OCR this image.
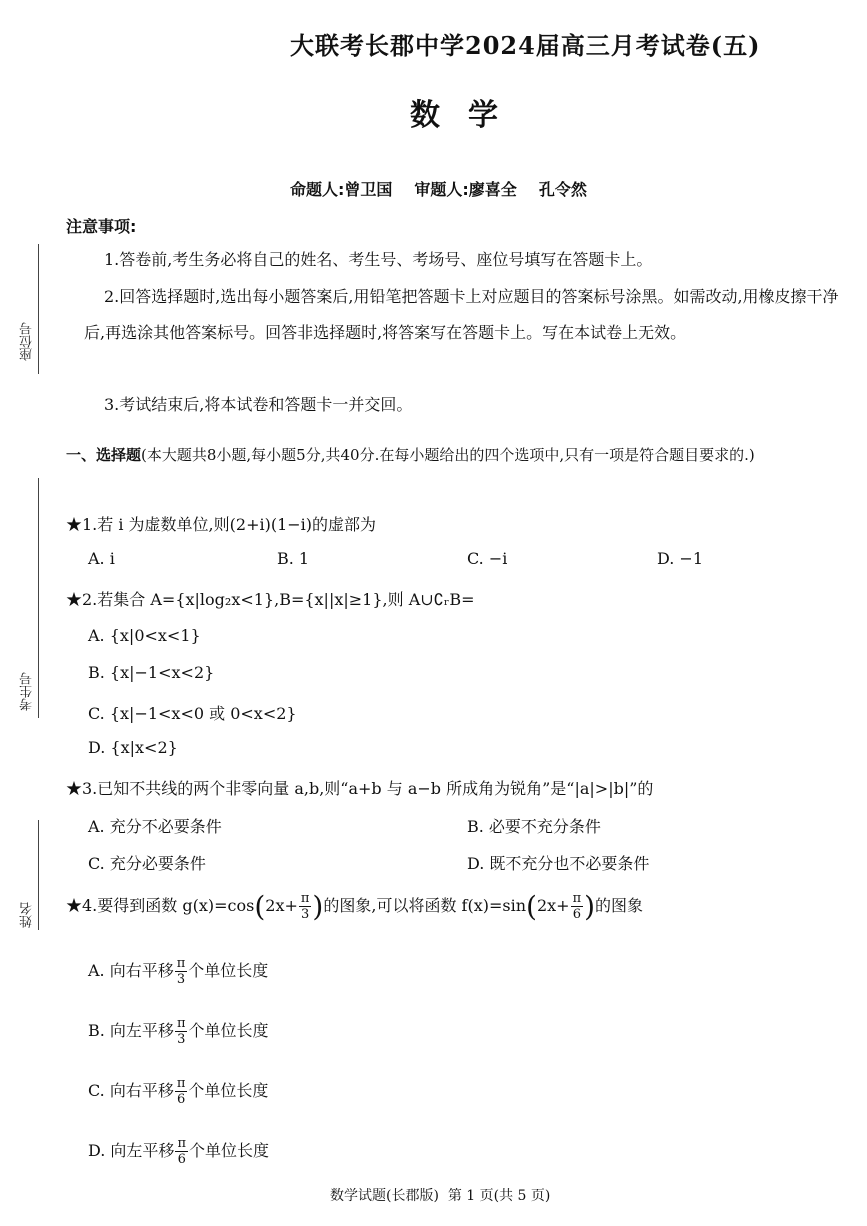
大联考长郡中学2024届高三月考试卷(五)
数学
命题人:曾卫国 审题人:廖喜全 孔令然
座位号
考生号
姓名
注意事项:
1.答卷前,考生务必将自己的姓名、考生号、考场号、座位号填写在答题卡上。
2.回答选择题时,选出每小题答案后,用铅笔把答题卡上对应题目的答案标号涂黑。如需改动,用橡皮擦干净后,再选涂其他答案标号。回答非选择题时,将答案写在答题卡上。写在本试卷上无效。
3.考试结束后,将本试卷和答题卡一并交回。
一、选择题(本大题共8小题,每小题5分,共40分.在每小题给出的四个选项中,只有一项是符合题目要求的.)
★1.若 i 为虚数单位,则(2+i)(1−i)的虚部为
A. i	B. 1	C. −i	D. −1
★2.若集合 A={x|log₂x<1},B={x||x|≥1},则 A∪∁ᵣB=
A. {x|0<x<1}
B. {x|−1<x<2}
C. {x|−1<x<0 或 0<x<2}
D. {x|x<2}
★3.已知不共线的两个非零向量 a,b,则“a+b 与 a−b 所成角为锐角”是“|a|>|b|”的
A. 充分不必要条件	B. 必要不充分条件
C. 充分必要条件	D. 既不充分也不必要条件
★4.要得到函数 $g(x)=\cos(2x+ \frac{\pi}{3}$ )的图象,可以将函数 $f(x)=\sin(2x+ \frac{\pi}{6}$ )的图象
A. 向右平移 $\frac{\pi}{3}$ 个单位长度
B. 向左平移 $\frac{\pi}{3}$ 个单位长度
C. 向右平移 $\frac{\pi}{6}$ 个单位长度
D. 向左平移 $\frac{\pi}{6}$ 个单位长度
数学试题(长郡版)  第 1 页(共 5 页)
